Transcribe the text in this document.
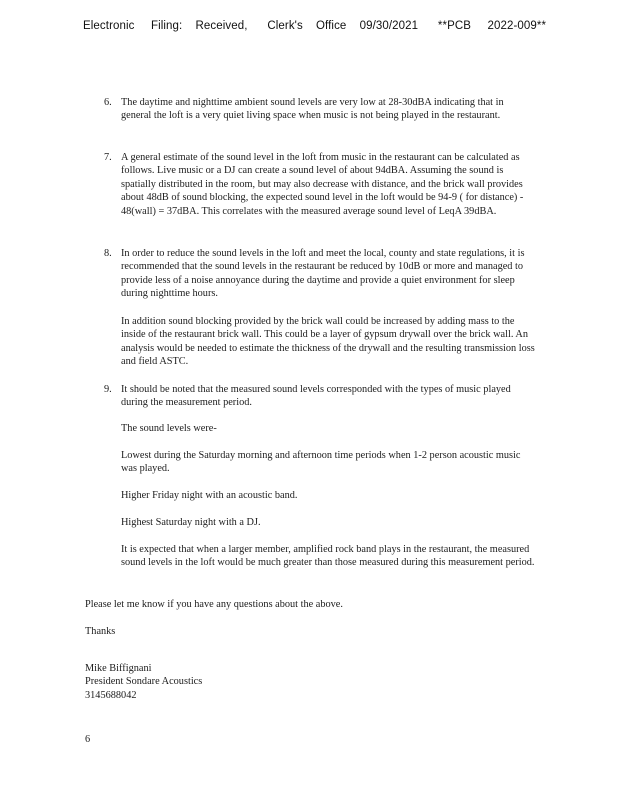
Electronic     Filing:    Received,      Clerk's    Office    09/30/2021      **PCB     2022-009**
6. The daytime and nighttime ambient sound levels are very low at 28-30dBA indicating that in general the loft is a very quiet living space when music is not being played in the restaurant.

7. A general estimate of the sound level in the loft from music in the restaurant can be calculated as follows. Live music or a DJ can create a sound level of about 94dBA. Assuming the sound is spatially distributed in the room, but may also decrease with distance, and the brick wall provides about 48dB of sound blocking, the expected sound level in the loft would be 94-9 ( for distance) - 48(wall) = 37dBA. This correlates with the measured average sound level of LeqA 39dBA.

8. In order to reduce the sound levels in the loft and meet the local, county and state regulations, it is recommended that the sound levels in the restaurant be reduced by 10dB or more and managed to provide less of a noise annoyance during the daytime and provide a quiet environment for sleep during nighttime hours.

In addition sound blocking provided by the brick wall could be increased by adding mass to the inside of the restaurant brick wall. This could be a layer of gypsum drywall over the brick wall. An analysis would be needed to estimate the thickness of the drywall and the resulting transmission loss and field ASTC.

9. It should be noted that the measured sound levels corresponded with the types of music played during the measurement period.

The sound levels were-

Lowest during the Saturday morning and afternoon time periods when 1-2 person acoustic music was played.

Higher Friday night with an acoustic band.

Highest Saturday night with a DJ.

It is expected that when a larger member, amplified rock band plays in the restaurant, the measured sound levels in the loft would be much greater than those measured during this measurement period.

Please let me know if you have any questions about the above.

Thanks

Mike Biffignani
President Sondare Acoustics
3145688042
6
